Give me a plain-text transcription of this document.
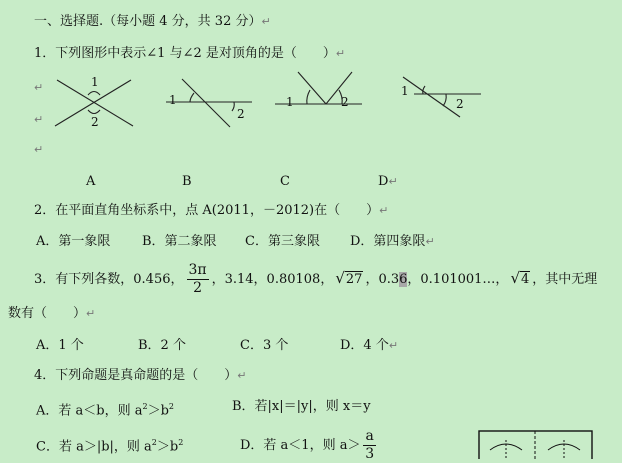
一、选择题.（每小题 4 分，共 32 分）↵
1．下列图形中表示∠1 与∠2 是对顶角的是（　　）↵
↵
↵
↵
1
2
1
2
1	2
1
2
A	B	C	D↵
2．在平面直角坐标系中，点 A(2011，－2012)在（　　）↵
A．第一象限 B．第二象限 C．第三象限 D．第四象限↵
3．有下列各数，0.456， $\frac{3\pi}{2}$ ，3.14，0.80108， √27 ，0.36，0.101001…， √4 ，其中无理
数有（　　）↵
A．1 个	B．2 个	C．3 个	D．4 个↵
4．下列命题是真命题的是（　　）↵
A．若 a＜b，则 $a^2>b^2$	B．若|x|＝|y|，则 x＝y
C．若 a＞|b|，则 $a^2>b^2$	D．若 a＜1，则 $a> \frac{a}{3}$
